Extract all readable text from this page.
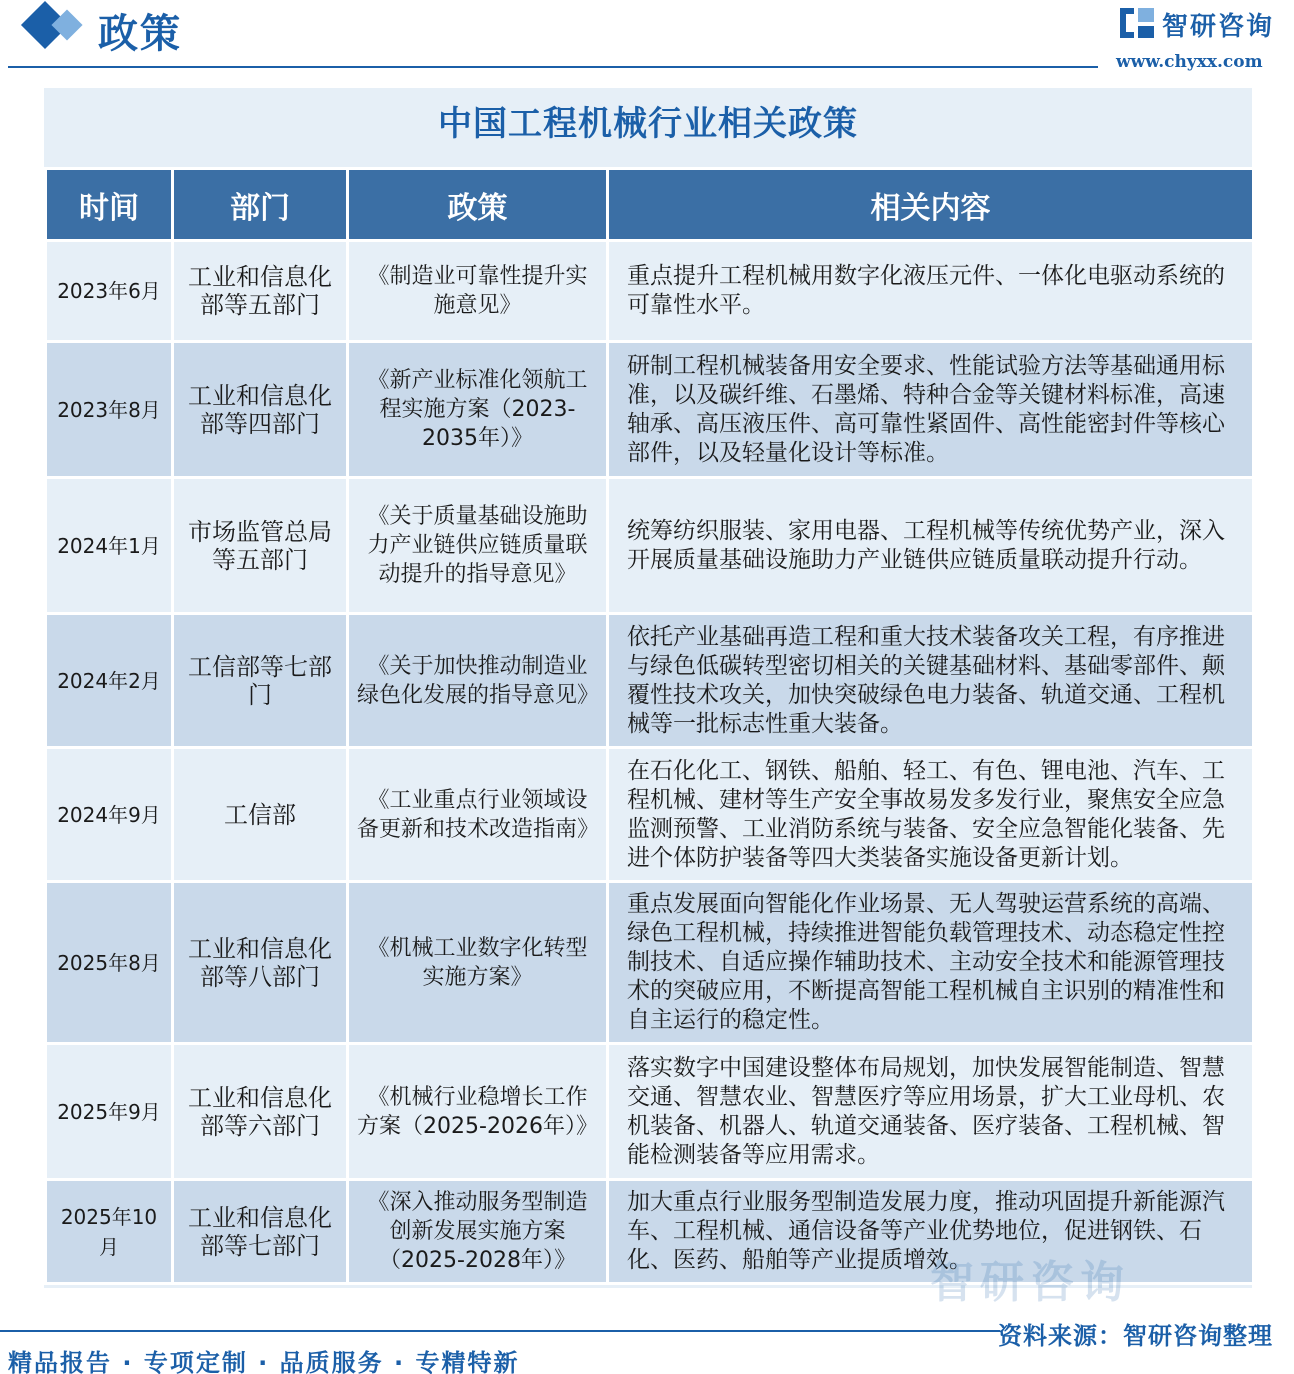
政策	智研咨询
www.chyxx.com
中国工程机械行业相关政策
时间	部门	政策	相关内容
2023年6月	工业和信息化部等五部门	《制造业可靠性提升实施意见》	重点提升工程机械用数字化液压元件、一体化电驱动系统的可靠性水平。
2023年8月	工业和信息化部等四部门	《新产业标准化领航工程实施方案（2023-2035年）》	研制工程机械装备用安全要求、性能试验方法等基础通用标准，以及碳纤维、石墨烯、特种合金等关键材料标准，高速轴承、高压液压件、高可靠性紧固件、高性能密封件等核心部件，以及轻量化设计等标准。
2024年1月	市场监管总局等五部门	《关于质量基础设施助力产业链供应链质量联动提升的指导意见》	统筹纺织服装、家用电器、工程机械等传统优势产业，深入开展质量基础设施助力产业链供应链质量联动提升行动。
2024年2月	工信部等七部门	《关于加快推动制造业绿色化发展的指导意见》	依托产业基础再造工程和重大技术装备攻关工程，有序推进与绿色低碳转型密切相关的关键基础材料、基础零部件、颠覆性技术攻关，加快突破绿色电力装备、轨道交通、工程机械等一批标志性重大装备。
2024年9月	工信部	《工业重点行业领域设备更新和技术改造指南》	在石化化工、钢铁、船舶、轻工、有色、锂电池、汽车、工程机械、建材等生产安全事故易发多发行业，聚焦安全应急监测预警、工业消防系统与装备、安全应急智能化装备、先进个体防护装备等四大类装备实施设备更新计划。
2025年8月	工业和信息化部等八部门	《机械工业数字化转型实施方案》	重点发展面向智能化作业场景、无人驾驶运营系统的高端、绿色工程机械，持续推进智能负载管理技术、动态稳定性控制技术、自适应操作辅助技术、主动安全技术和能源管理技术的突破应用，不断提高智能工程机械自主识别的精准性和自主运行的稳定性。
2025年9月	工业和信息化部等六部门	《机械行业稳增长工作方案（2025-2026年）》	落实数字中国建设整体布局规划，加快发展智能制造、智慧交通、智慧农业、智慧医疗等应用场景，扩大工业母机、农机装备、机器人、轨道交通装备、医疗装备、工程机械、智能检测装备等应用需求。
2025年10月	工业和信息化部等七部门	《深入推动服务型制造创新发展实施方案（2025-2028年）》	加大重点行业服务型制造发展力度，推动巩固提升新能源汽车、工程机械、通信设备等产业优势地位，促进钢铁、石化、医药、船舶等产业提质增效。
智研咨询
精品报告 · 专项定制 · 品质服务 · 专精特新
资料来源：智研咨询整理
